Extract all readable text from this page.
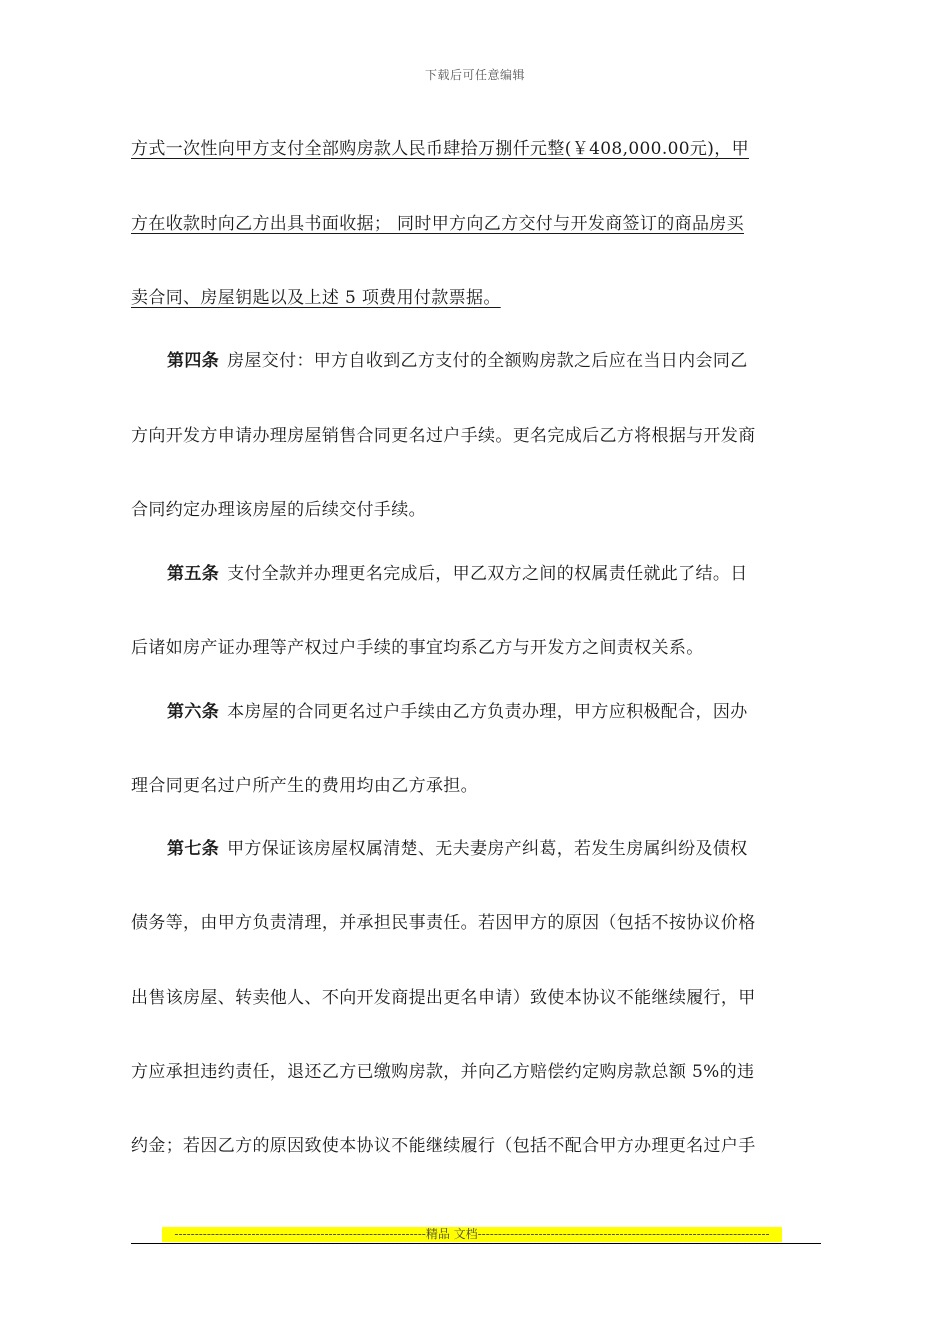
下载后可任意编辑
方式一次性向甲方支付全部购房款人民币肆拾万捌仟元整(￥408,000.00元)，甲
方在收款时向乙方出具书面收据； 同时甲方向乙方交付与开发商签订的商品房买
卖合同、房屋钥匙以及上述 5 项费用付款票据。
第四条 房屋交付：甲方自收到乙方支付的全额购房款之后应在当日内会同乙
方向开发方申请办理房屋销售合同更名过户手续。更名完成后乙方将根据与开发商
合同约定办理该房屋的后续交付手续。
第五条 支付全款并办理更名完成后，甲乙双方之间的权属责任就此了结。日
后诸如房产证办理等产权过户手续的事宜均系乙方与开发方之间责权关系。
第六条 本房屋的合同更名过户手续由乙方负责办理，甲方应积极配合，因办
理合同更名过户所产生的费用均由乙方承担。
第七条 甲方保证该房屋权属清楚、无夫妻房产纠葛，若发生房属纠纷及债权
债务等，由甲方负责清理，并承担民事责任。若因甲方的原因（包括不按协议价格
出售该房屋、转卖他人、不向开发商提出更名申请）致使本协议不能继续履行，甲
方应承担违约责任，退还乙方已缴购房款，并向乙方赔偿约定购房款总额 5%的违
约金；若因乙方的原因致使本协议不能继续履行（包括不配合甲方办理更名过户手
--------------------------------------------------------------精品 文档------------------------------------------------------------------------
